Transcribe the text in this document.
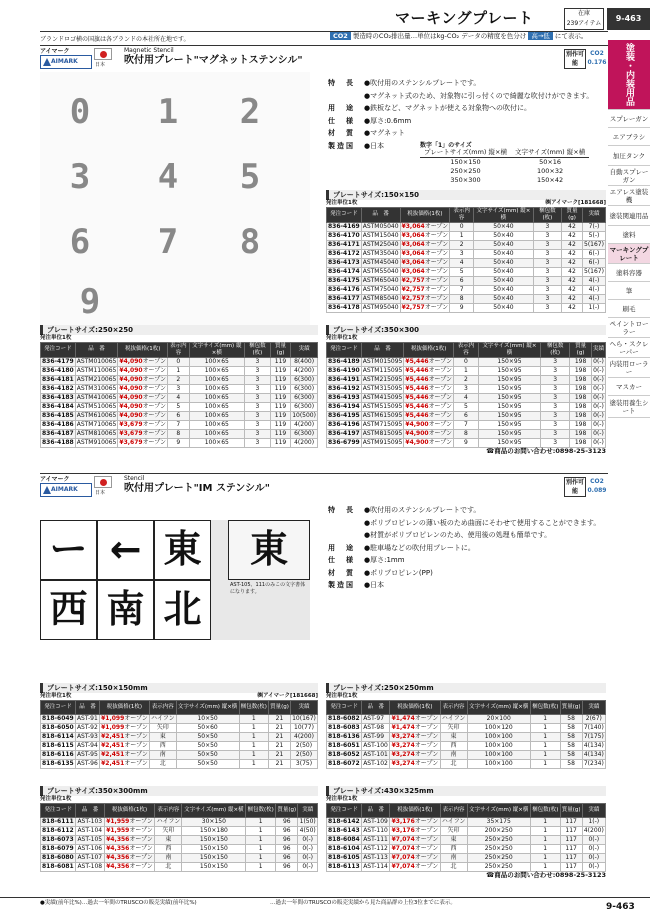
マーキングプレート	在庫
239アイテム
9-463
ブランドロゴ横の国旗は各ブランドの本社所在地です。	CO2 製造時のCO₂排出量…単位はkg-CO₂ データの精度を色分け 高→低 にて表示。
塗装・内装用品
スプレーガン
エアブラシ
加圧タンク
自動スプレーガン
エアレス塗装機
塗装関連用品
塗料
マーキングプレート
塗料容器
筆
刷毛
ペイントローラー
へら・スクレーパー
内装用ローラー
マスカー
塗装用養生シート
アイマーク
AIMARK	日本
Magnetic Stencil
吹付用プレート"マグネットステンシル"
別作可能
CO2
0.176
0 1 2
3 4 5
6 7 8
9
特　長	●吹付用のステンシルプレートです。
	●マグネット式のため、対象物に引っ付くので綺麗な吹付けができます。
用　途	●鉄板など、マグネットが使える対象物への吹付に。
仕　様	●厚さ:0.6mm
材　質	●マグネット
製造国	●日本	数字「1」のサイズ
プレートサイズ(mm) 縦×横	文字サイズ(mm) 縦×横
150×150	50×16
250×250	100×32
350×300	150×42
プレートサイズ:150×150
発注単位1枚	㈱アイマーク[181668]
発注コード	品　番	税抜価格(1枚)	表示内容	文字サイズ(mm) 縦×横	梱包数(枚)	質量(g)	実績
836-4169	ASTM05040	¥3,064オープン	0	50×40	3	42	7(-)
836-4170	ASTM15040	¥3,064オープン	1	50×40	3	42	5(-)
836-4171	ASTM25040	¥3,064オープン	2	50×40	3	42	5(167)
836-4172	ASTM35040	¥3,064オープン	3	50×40	3	42	6(-)
836-4173	ASTM45040	¥3,064オープン	4	50×40	3	42	6(-)
836-4174	ASTM55040	¥3,064オープン	5	50×40	3	42	5(167)
836-4175	ASTM65040	¥2,757オープン	6	50×40	3	42	4(-)
836-4176	ASTM75040	¥2,757オープン	7	50×40	3	42	4(-)
836-4177	ASTM85040	¥2,757オープン	8	50×40	3	42	4(-)
836-4178	ASTM95040	¥2,757オープン	9	50×40	3	42	1(-)
プレートサイズ:250×250
発注単位1枚
発注コード	品　番	税抜価格(1枚)	表示内容	文字サイズ(mm) 縦×横	梱包数(枚)	質量(g)	実績
836-4179	ASTM010065	¥4,090オープン	0	100×65	3	119	8(400)
836-4180	ASTM110065	¥4,090オープン	1	100×65	3	119	4(200)
836-4181	ASTM210065	¥4,090オープン	2	100×65	3	119	6(300)
836-4182	ASTM310065	¥4,090オープン	3	100×65	3	119	6(300)
836-4183	ASTM410065	¥4,090オープン	4	100×65	3	119	6(300)
836-4184	ASTM510065	¥4,090オープン	5	100×65	3	119	6(300)
836-4185	ASTM610065	¥4,090オープン	6	100×65	3	119	10(500)
836-4186	ASTM710065	¥3,679オープン	7	100×65	3	119	4(200)
836-4187	ASTM810065	¥3,679オープン	8	100×65	3	119	6(300)
836-4188	ASTM910065	¥3,679オープン	9	100×65	3	119	4(200)
プレートサイズ:350×300
発注単位1枚
発注コード	品　番	税抜価格(1枚)	表示内容	文字サイズ(mm) 縦×横	梱包数(枚)	質量(g)	実績
836-4189	ASTM015095	¥5,446オープン	0	150×95	3	198	0(-)
836-4190	ASTM115095	¥5,446オープン	1	150×95	3	198	0(-)
836-4191	ASTM215095	¥5,446オープン	2	150×95	3	198	0(-)
836-4192	ASTM315095	¥5,446オープン	3	150×95	3	198	0(-)
836-4193	ASTM415095	¥5,446オープン	4	150×95	3	198	0(-)
836-4194	ASTM515095	¥5,446オープン	5	150×95	3	198	0(-)
836-4195	ASTM615095	¥5,446オープン	6	150×95	3	198	0(-)
836-4196	ASTM715095	¥4,900オープン	7	150×95	3	198	0(-)
836-4197	ASTM815095	¥4,900オープン	8	150×95	3	198	0(-)
836-6799	ASTM915095	¥4,900オープン	9	150×95	3	198	0(-)
☎商品のお問い合わせ:0898-25-3123
アイマーク
AIMARK	日本
Stencil
吹付用プレート"IM ステンシル"
別作可能
CO2
0.089
ー ← 東	東
西 南 北
AST-105、111のみこの文字書体になります。
特　長	●吹付用のステンシルプレートです。
	●ポリプロピレンの薄い板のため曲面にそわせて使用することができます。
	●材質がポリプロピレンのため、使用後の処理も簡単です。
用　途	●駐車場などの吹付用プレートに。
仕　様	●厚さ:1mm
材　質	●ポリプロピレン(PP)
製造国	●日本
プレートサイズ:150×150mm
発注単位1枚	㈱アイマーク[181668]
発注コード	品　番	税抜価格(1枚)	表示内容	文字サイズ(mm) 縦×横	梱包数(枚)	質量(g)	実績
818-6049	AST-91	¥1,099オープン	ハイフン	10×50	1	21	10(167)
818-6050	AST-92	¥1,099オープン	矢印	50×60	1	21	10(77)
818-6114	AST-93	¥2,451オープン	東	50×50	1	21	4(200)
818-6115	AST-94	¥2,451オープン	西	50×50	1	21	2(50)
818-6116	AST-95	¥2,451オープン	南	50×50	1	21	2(50)
818-6135	AST-96	¥2,451オープン	北	50×50	1	21	3(75)
プレートサイズ:250×250mm
発注単位1枚
発注コード	品　番	税抜価格(1枚)	表示内容	文字サイズ(mm) 縦×横	梱包数(枚)	質量(g)	実績
818-6082	AST-97	¥1,474オープン	ハイフン	20×100	1	58	2(67)
818-6083	AST-98	¥1,474オープン	矢印	100×120	1	58	7(140)
818-6136	AST-99	¥3,274オープン	東	100×100	1	58	7(175)
818-6051	AST-100	¥3,274オープン	西	100×100	1	58	4(134)
818-6052	AST-101	¥3,274オープン	南	100×100	1	58	4(134)
818-6072	AST-102	¥3,274オープン	北	100×100	1	58	7(234)
プレートサイズ:350×300mm
発注単位1枚
発注コード	品　番	税抜価格(1枚)	表示内容	文字サイズ(mm) 縦×横	梱包数(枚)	質量(g)	実績
818-6111	AST-103	¥1,959オープン	ハイフン	30×150	1	96	1(50)
818-6112	AST-104	¥1,959オープン	矢印	150×180	1	96	4(50)
818-6073	AST-105	¥4,356オープン	東	150×150	1	96	0(-)
818-6079	AST-106	¥4,356オープン	西	150×150	1	96	0(-)
818-6080	AST-107	¥4,356オープン	南	150×150	1	96	0(-)
818-6081	AST-108	¥4,356オープン	北	150×150	1	96	0(-)
プレートサイズ:430×325mm
発注単位1枚
発注コード	品　番	税抜価格(1枚)	表示内容	文字サイズ(mm) 縦×横	梱包数(枚)	質量(g)	実績
818-6142	AST-109	¥3,176オープン	ハイフン	35×175	1	117	1(-)
818-6143	AST-110	¥3,176オープン	矢印	200×250	1	117	4(200)
818-6084	AST-111	¥7,074オープン	東	250×250	1	117	0(-)
818-6104	AST-112	¥7,074オープン	西	250×250	1	117	0(-)
818-6105	AST-113	¥7,074オープン	南	250×250	1	117	0(-)
818-6113	AST-114	¥7,074オープン	北	250×250	1	117	0(-)
☎商品のお問い合わせ:0898-25-3123
●実績(前年比%)…過去一年間のTRUSCOの販売実績(前年比%)	…過去一年間のTRUSCOの販売実績から見た商品群の上位3位までに表示。	9-463
